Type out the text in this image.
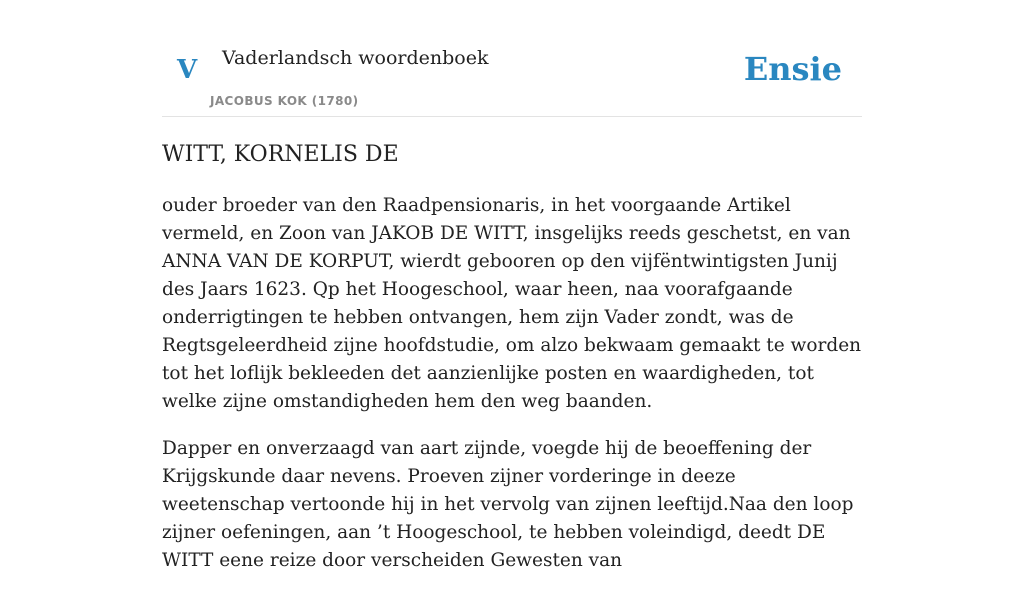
V Vaderlandsch woordenboek
JACOBUS KOK (1780)
Ensie
WITT, KORNELIS DE

ouder broeder van den Raadpensionaris, in het voorgaande Artikel vermeld, en Zoon van JAKOB DE WITT, insgelijks reeds geschetst, en van ANNA VAN DE KORPUT, wierdt gebooren op den vijfëntwintigsten Junij des Jaars 1623. Qp het Hoogeschool, waar heen, naa voorafgaande onderrigtingen te hebben ontvangen, hem zijn Vader zondt, was de Regtsgeleerdheid zijne hoofdstudie, om alzo bekwaam gemaakt te worden tot het loflijk bekleeden det aanzienlijke posten en waardigheden, tot welke zijne omstandigheden hem den weg baanden.

Dapper en onverzaagd van aart zijnde, voegde hij de beoeffening der Krijgskunde daar nevens. Proeven zijner vorderinge in deeze weetenschap vertoonde hij in het vervolg van zijnen leeftijd.Naa den loop zijner oefeningen, aan ’t Hoogeschool, te hebben voleindigd, deedt DE WITT eene reize door verscheiden Gewesten van
